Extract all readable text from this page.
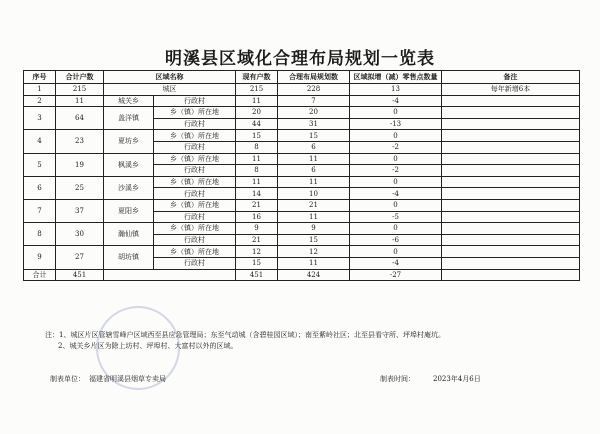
明溪县区域化合理布局规划一览表
序号	合计户数	区域名称		现有户数	合理布局规划数	区域拟增（减）零售点数量	备注
1	215	城区		215	228	13	每年新增6本
2	11	城关乡	行政村	11	7	-4	
3	64	盖洋镇	乡（镇）所在地	20	20	0	
			行政村	44	31	-13	
4	23	夏坊乡	乡（镇）所在地	15	15	0	
			行政村	8	6	-2	
5	19	枫溪乡	乡（镇）所在地	11	11	0	
			行政村	8	6	-2	
6	25	沙溪乡	乡（镇）所在地	11	11	0	
			行政村	14	10	-4	
7	37	夏阳乡	乡（镇）所在地	21	21	0	
			行政村	16	11	-5	
8	30	瀚仙镇	乡（镇）所在地	9	9	0	
			行政村	21	15	-6	
9	27	胡坊镇	乡（镇）所在地	12	12	0	
			行政村	15	11	-4	
合计	451			451	424	-27	
注：1、城区片区管辖雪峰户区域西至县应急管理局；东至气动城（含碧桂园区域）；南至紫岭社区；北至县看守所、坪埠村庵坑。
2、城关乡片区为除上坊村、坪埠村、大富村以外的区域。
制表单位： 福建省明溪县烟草专卖局	制表时间：	2023年4月6日
